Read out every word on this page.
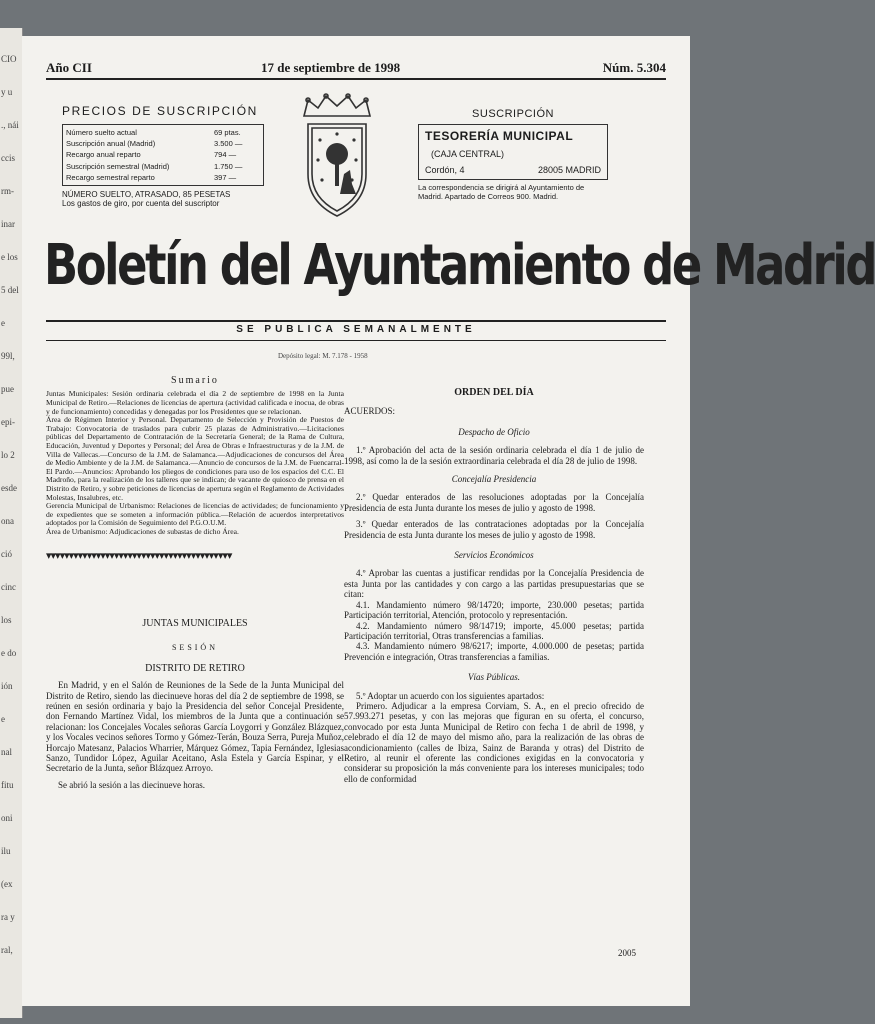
CIO
y u
., nái
ccis
rm-
inar
e los
5 del
e
99l,
pue
epi-
lo 2
esde
ona
ció
cinc
los
e do
ión
e
nal
fitu
oni
ilu
(ex
ra y
ral,
Año CII	17 de septiembre de 1998	Núm. 5.304
PRECIOS DE SUSCRIPCIÓN
Número suelto actual	69 ptas.
Suscripción anual (Madrid)	3.500 —
Recargo anual reparto	794 —
Suscripción semestral (Madrid)	1.750 —
Recargo semestral reparto	397 —
NÚMERO SUELTO, ATRASADO, 85 PESETAS
Los gastos de giro, por cuenta del suscriptor
SUSCRIPCIÓN
TESORERÍA MUNICIPAL
(CAJA CENTRAL)
Cordón, 4	28005 MADRID
La correspondencia se dirigirá al Ayuntamiento de Madrid. Apartado de Correos 900. Madrid.
Boletín del Ayuntamiento de Madrid
SE PUBLICA SEMANALMENTE
Depósito legal: M. 7.178 - 1958
Sumario

Juntas Municipales: Sesión ordinaria celebrada el día 2 de septiembre de 1998 en la Junta Municipal de Retiro.—Relaciones de licencias de apertura (actividad calificada e inocua, de obras y de funcionamiento) concedidas y denegadas por los Presidentes que se relacionan.
Área de Régimen Interior y Personal. Departamento de Selección y Provisión de Puestos de Trabajo: Convocatoria de traslados para cubrir 25 plazas de Administrativo.—Licitaciones públicas del Departamento de Contratación de la Secretaría General; de la Rama de Cultura, Educación, Juventud y Deportes y Personal; del Área de Obras e Infraestructuras y de la J.M. de Villa de Vallecas.—Concurso de la J.M. de Salamanca.—Adjudicaciones de concursos del Área de Medio Ambiente y de la J.M. de Salamanca.—Anuncio de concursos de la J.M. de Fuencarral-El Pardo.—Anuncios: Aprobando los pliegos de condiciones para uso de los espacios del C.C. El Madroño, para la realización de los talleres que se indican; de vacante de quiosco de prensa en el Distrito de Retiro, y sobre peticiones de licencias de apertura según el Reglamento de Actividades Molestas, Insalubres, etc.
Gerencia Municipal de Urbanismo: Relaciones de licencias de actividades; de funcionamiento y de expedientes que se someten a información pública.—Relación de acuerdos interpretativos adoptados por la Comisión de Seguimiento del P.G.O.U.M.
Área de Urbanismo: Adjudicaciones de subastas de dicho Área.

▾▾▾▾▾▾▾▾▾▾▾▾▾▾▾▾▾▾▾▾▾▾▾▾▾▾▾▾▾▾▾▾▾▾▾▾▾▾▾▾▾
JUNTAS MUNICIPALES
SESIÓN
DISTRITO DE RETIRO

En Madrid, y en el Salón de Reuniones de la Sede de la Junta Municipal del Distrito de Retiro, siendo las diecinueve horas del día 2 de septiembre de 1998, se reúnen en sesión ordinaria y bajo la Presidencia del señor Concejal Presidente, don Fernando Martínez Vidal, los miembros de la Junta que a continuación se relacionan: los Concejales Vocales señoras García Loygorri y González Blázquez, y los Vocales vecinos señores Tormo y Gómez-Terán, Bouza Serra, Pureja Muñoz, Horcajo Matesanz, Palacios Wharrier, Márquez Gómez, Tapia Fernández, Iglesias Sanzo, Tundidor López, Aguilar Aceitano, Asla Estela y García Espinar, y el Secretario de la Junta, señor Blázquez Arroyo.

Se abrió la sesión a las diecinueve horas.

ORDEN DEL DÍA

ACUERDOS:

Despacho de Oficio

1.º Aprobación del acta de la sesión ordinaria celebrada el día 1 de julio de 1998, así como la de la sesión extraordinaria celebrada el día 28 de julio de 1998.

Concejalía Presidencia

2.º Quedar enterados de las resoluciones adoptadas por la Concejalía Presidencia de esta Junta durante los meses de julio y agosto de 1998.

3.º Quedar enterados de las contrataciones adoptadas por la Concejalía Presidencia de esta Junta durante los meses de julio y agosto de 1998.

Servicios Económicos

4.º Aprobar las cuentas a justificar rendidas por la Concejalía Presidencia de esta Junta por las cantidades y con cargo a las partidas presupuestarias que se citan:

4.1. Mandamiento número 98/14720; importe, 230.000 pesetas; partida Participación territorial, Atención, protocolo y representación.

4.2. Mandamiento número 98/14719; importe, 45.000 pesetas; partida Participación territorial, Otras transferencias a familias.

4.3. Mandamiento número 98/6217; importe, 4.000.000 de pesetas; partida Prevención e integración, Otras transferencias a familias.

Vías Públicas.

5.º Adoptar un acuerdo con los siguientes apartados:

Primero. Adjudicar a la empresa Corviam, S. A., en el precio ofrecido de 57.993.271 pesetas, y con las mejoras que figuran en su oferta, el concurso, convocado por esta Junta Municipal de Retiro con fecha 1 de abril de 1998, y celebrado el día 12 de mayo del mismo año, para la realización de las obras de acondicionamiento (calles de Ibiza, Sainz de Baranda y otras) del Distrito de Retiro, al reunir el oferente las condiciones exigidas en la convocatoria y considerar su proposición la más conveniente para los intereses municipales; todo ello de conformidad

2005
